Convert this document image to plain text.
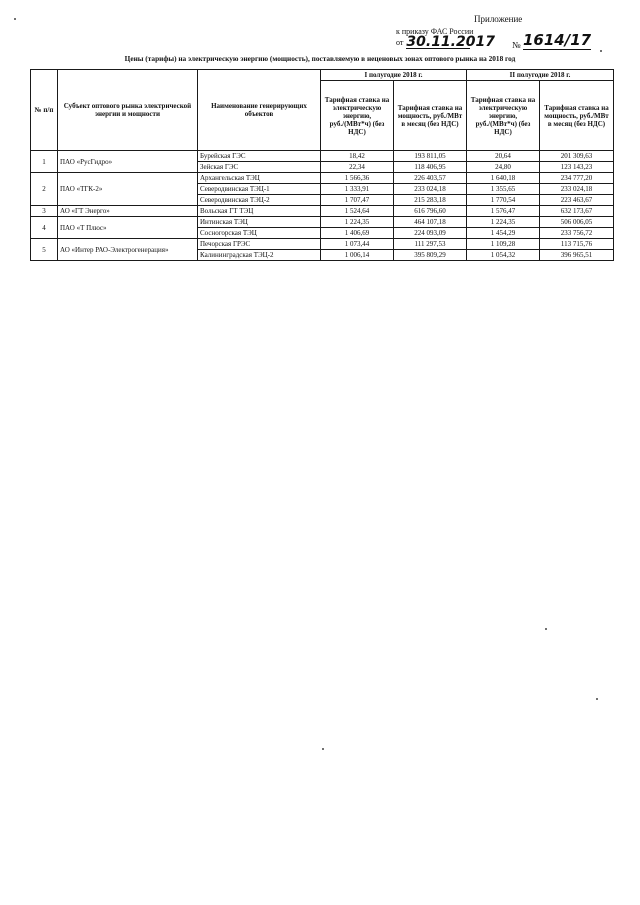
Приложение
к приказу ФАС России
от 30.11.2017 № 1614/17
Цены (тарифы) на электрическую энергию (мощность), поставляемую в неценовых зонах оптового рынка на 2018 год
№ п/п	Субъект оптового рынка электрической энергии и мощности	Наименование генерирующих объектов	I полугодие 2018 г.		II полугодие 2018 г.	
			Тарифная ставка на электрическую энергию, руб./(МВт*ч) (без НДС)	Тарифная ставка на мощность, руб./МВт в месяц (без НДС)	Тарифная ставка на электрическую энергию, руб./(МВт*ч) (без НДС)	Тарифная ставка на мощность, руб./МВт в месяц (без НДС)
1	ПАО «РусГидро»	Бурейская ГЭС	18,42	193 811,05	20,64	201 309,63
		Зейская ГЭС	22,34	118 406,95	24,80	123 143,23
2	ПАО «ТГК-2»	Архангельская ТЭЦ	1 566,36	226 403,57	1 640,18	234 777,20
		Северодвинская ТЭЦ-1	1 333,91	233 024,18	1 355,65	233 024,18
		Северодвинская ТЭЦ-2	1 707,47	215 283,18	1 770,54	223 463,67
3	АО «ГТ Энерго»	Вольская ГТ ТЭЦ	1 524,64	616 796,60	1 576,47	632 173,67
4	ПАО «Т Плюс»	Интинская ТЭЦ	1 224,35	464 107,18	1 224,35	506 006,05
		Сосногорская ТЭЦ	1 406,69	224 093,09	1 454,29	233 756,72
5	АО «Интер РАО-Электрогенерация»	Печорская ГРЭС	1 073,44	111 297,53	1 109,28	113 715,76
		Калининградская ТЭЦ-2	1 006,14	395 809,29	1 054,32	396 965,51
